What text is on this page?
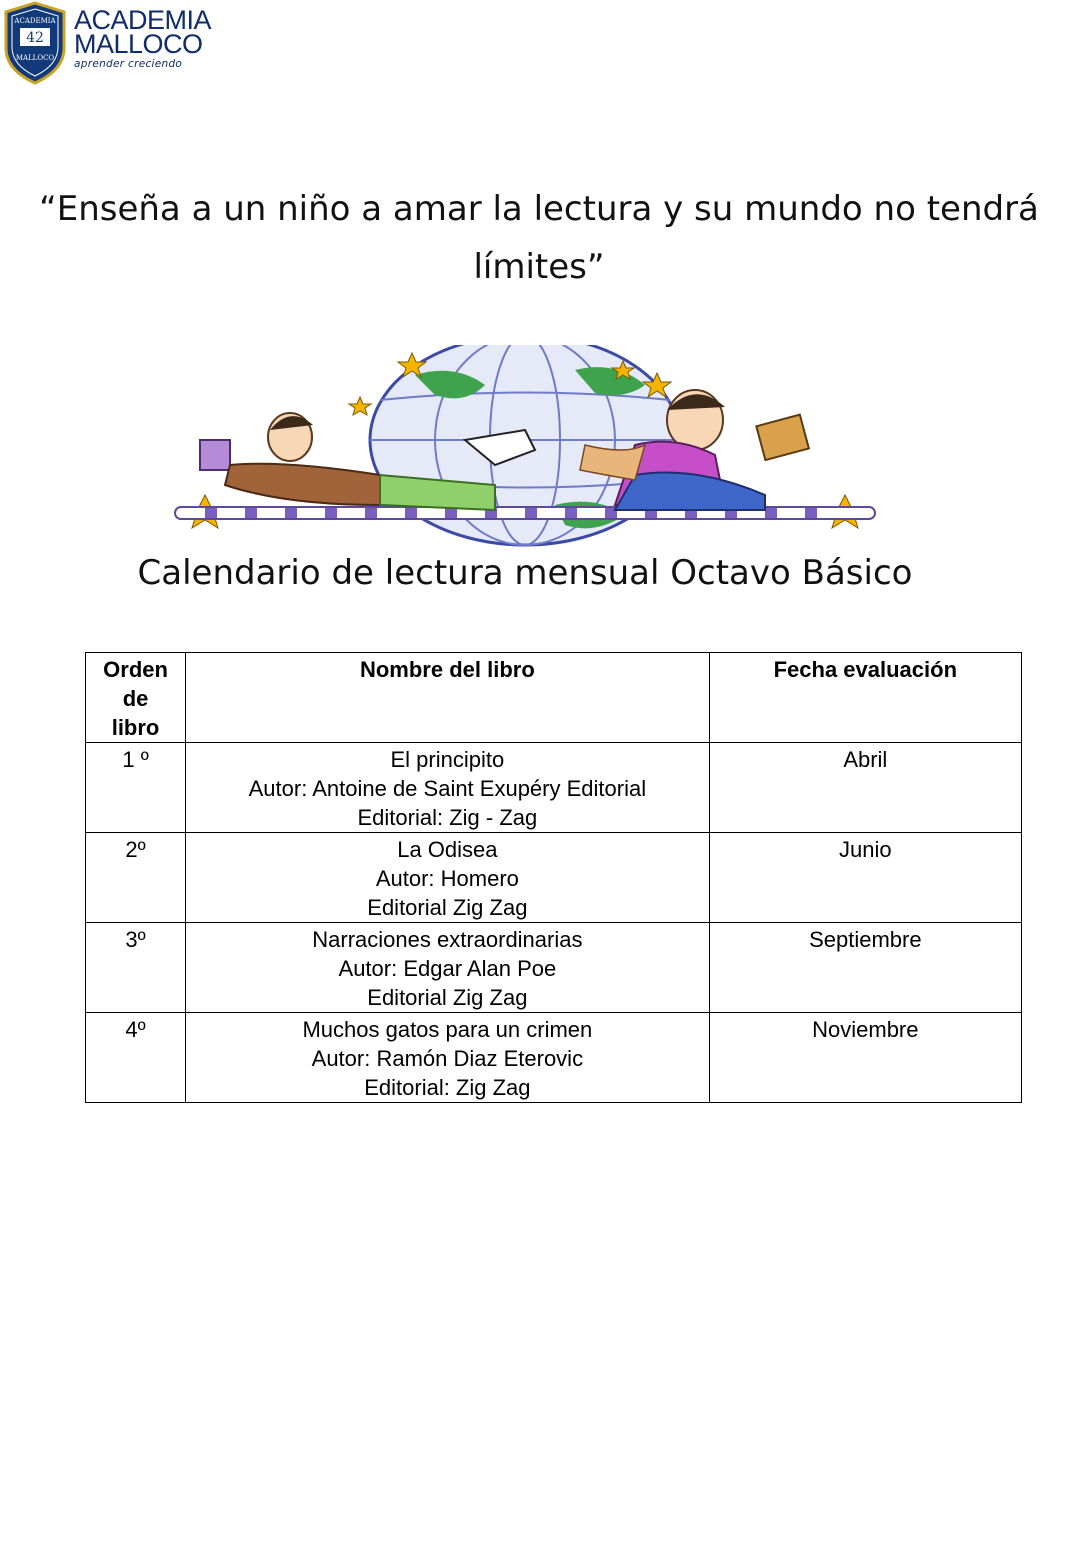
42
ACADEMIA
MALLOCO
ACADEMIA
MALLOCO
aprender creciendo
“Enseña a un niño a amar la lectura y su mundo no tendrá
límites”
Calendario de lectura mensual Octavo Básico
Orden
de
libro	Nombre del libro	Fecha evaluación
1 º	El principito
Autor: Antoine de Saint Exupéry Editorial
Editorial: Zig - Zag	Abril
2º	La Odisea
Autor: Homero
Editorial Zig Zag	Junio
3º	Narraciones extraordinarias
Autor: Edgar Alan Poe
Editorial Zig Zag	Septiembre
4º	Muchos gatos para un crimen
Autor: Ramón Diaz Eterovic
Editorial: Zig Zag	Noviembre
